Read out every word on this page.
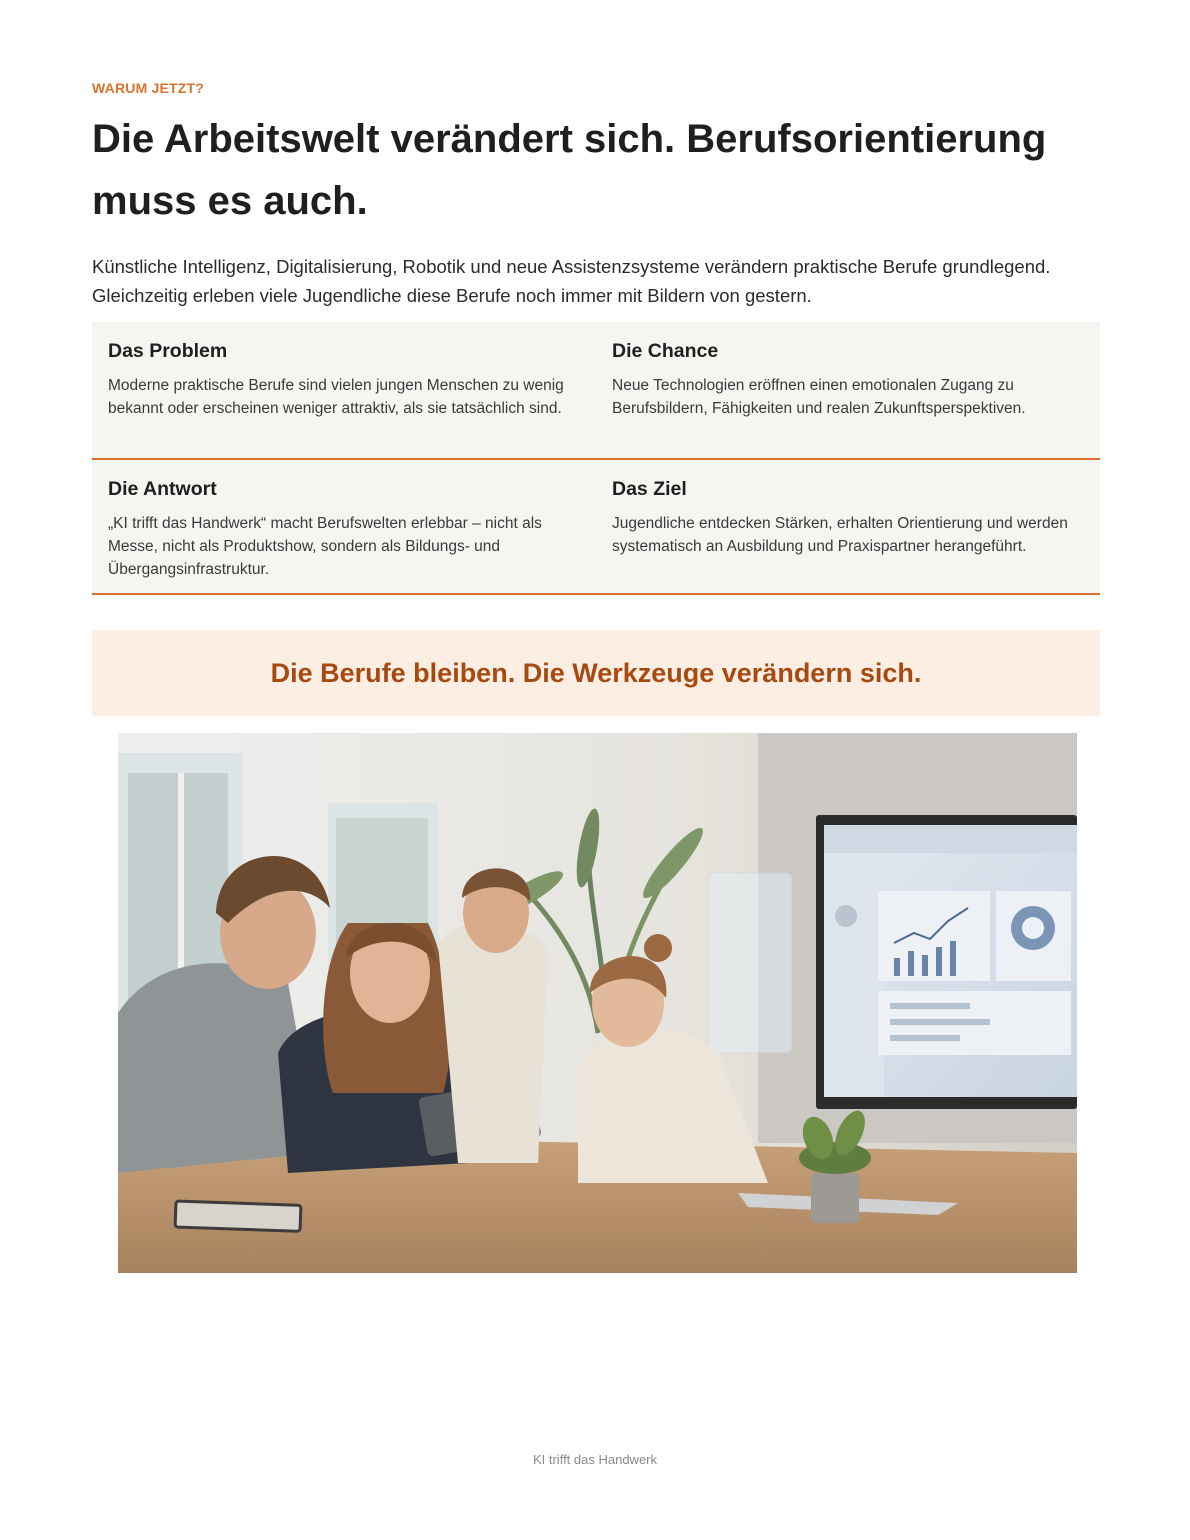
WARUM JETZT?
Die Arbeitswelt verändert sich. Berufsorientierung muss es auch.

Künstliche Intelligenz, Digitalisierung, Robotik und neue Assistenzsysteme verändern praktische Berufe grundlegend. Gleichzeitig erleben viele Jugendliche diese Berufe noch immer mit Bildern von gestern.

Das Problem
Moderne praktische Berufe sind vielen jungen Menschen zu wenig bekannt oder erscheinen weniger attraktiv, als sie tatsächlich sind.
Die Chance
Neue Technologien eröffnen einen emotionalen Zugang zu Berufsbildern, Fähigkeiten und realen Zukunftsperspektiven.
Die Antwort
„KI trifft das Handwerk“ macht Berufswelten erlebbar – nicht als Messe, nicht als Produktshow, sondern als Bildungs- und Übergangsinfrastruktur.
Das Ziel
Jugendliche entdecken Stärken, erhalten Orientierung und werden systematisch an Ausbildung und Praxispartner herangeführt.
Die Berufe bleiben. Die Werkzeuge verändern sich.
KI trifft das Handwerk
